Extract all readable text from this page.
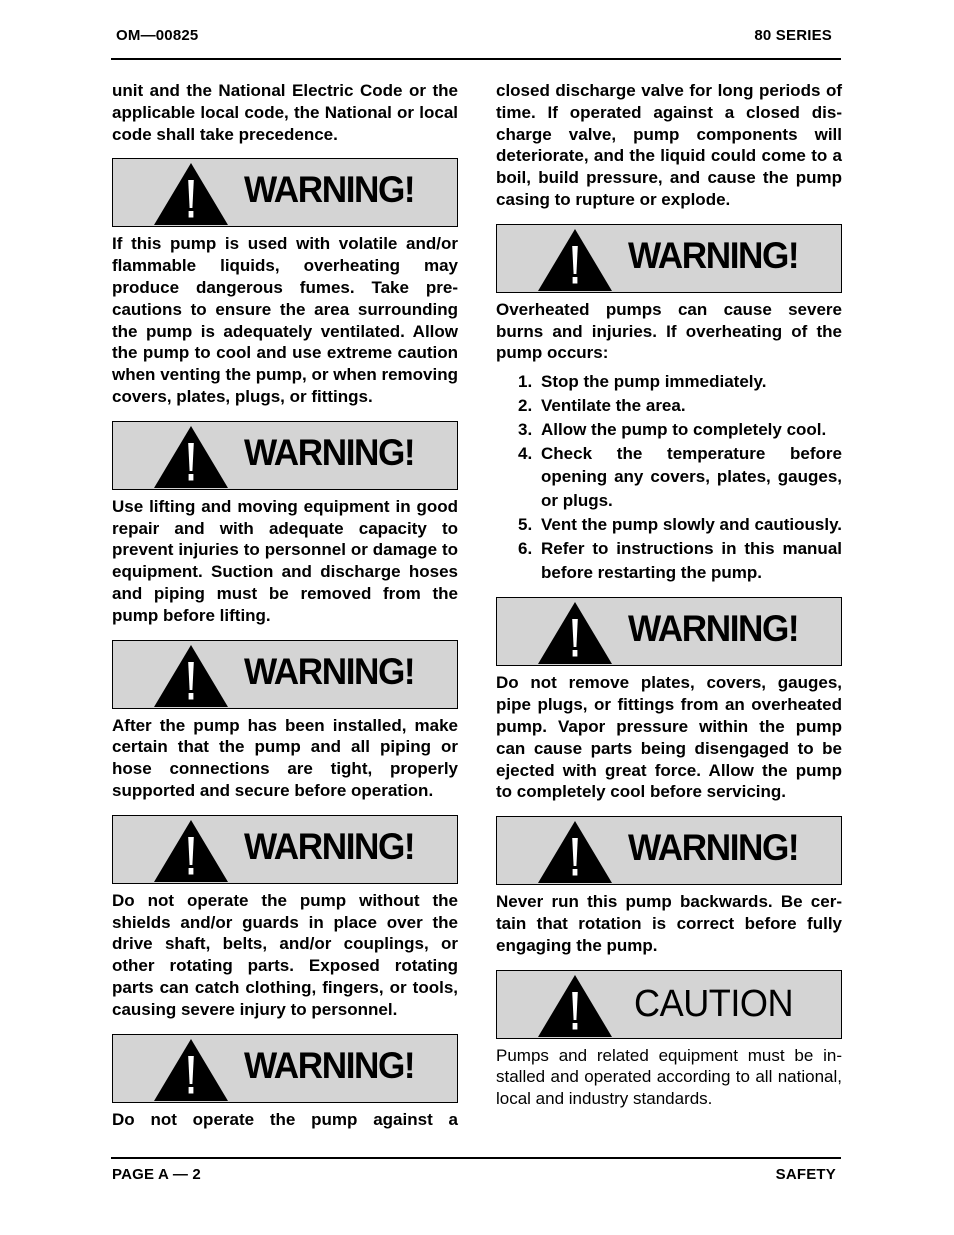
OM—00825	80 SERIES

unit and the National Electric Code or the applicable local code, the National or local code shall take precedence.

WARNING!

If this pump is used with volatile and/or flammable liquids, overheating may produce dangerous fumes. Take precautions to ensure the area surrounding the pump is adequately ventilated. Allow the pump to cool and use extreme caution when venting the pump, or when removing covers, plates, plugs, or fittings.

WARNING!

Use lifting and moving equipment in good repair and with adequate capacity to prevent injuries to personnel or damage to equipment. Suction and discharge hoses and piping must be removed from the pump before lifting.

WARNING!

After the pump has been installed, make certain that the pump and all piping or hose connections are tight, properly supported and secure before operation.

WARNING!

Do not operate the pump without the shields and/or guards in place over the drive shaft, belts, and/or couplings, or other rotating parts. Exposed rotating parts can catch clothing, fingers, or tools, causing severe injury to personnel.

WARNING!

Do not operate the pump against a

closed discharge valve for long periods of time. If operated against a closed discharge valve, pump components will deteriorate, and the liquid could come to a boil, build pressure, and cause the pump casing to rupture or explode.

WARNING!

Overheated pumps can cause severe burns and injuries. If overheating of the pump occurs:

1. Stop the pump immediately.
2. Ventilate the area.
3. Allow the pump to completely cool.
4. Check the temperature before opening any covers, plates, gauges, or plugs.
5. Vent the pump slowly and cautiously.
6. Refer to instructions in this manual before restarting the pump.
WARNING!

Do not remove plates, covers, gauges, pipe plugs, or fittings from an overheated pump. Vapor pressure within the pump can cause parts being disengaged to be ejected with great force. Allow the pump to completely cool before servicing.

WARNING!

Never run this pump backwards. Be certain that rotation is correct before fully engaging the pump.

CAUTION

Pumps and related equipment must be installed and operated according to all national, local and industry standards.

PAGE A — 2	SAFETY
